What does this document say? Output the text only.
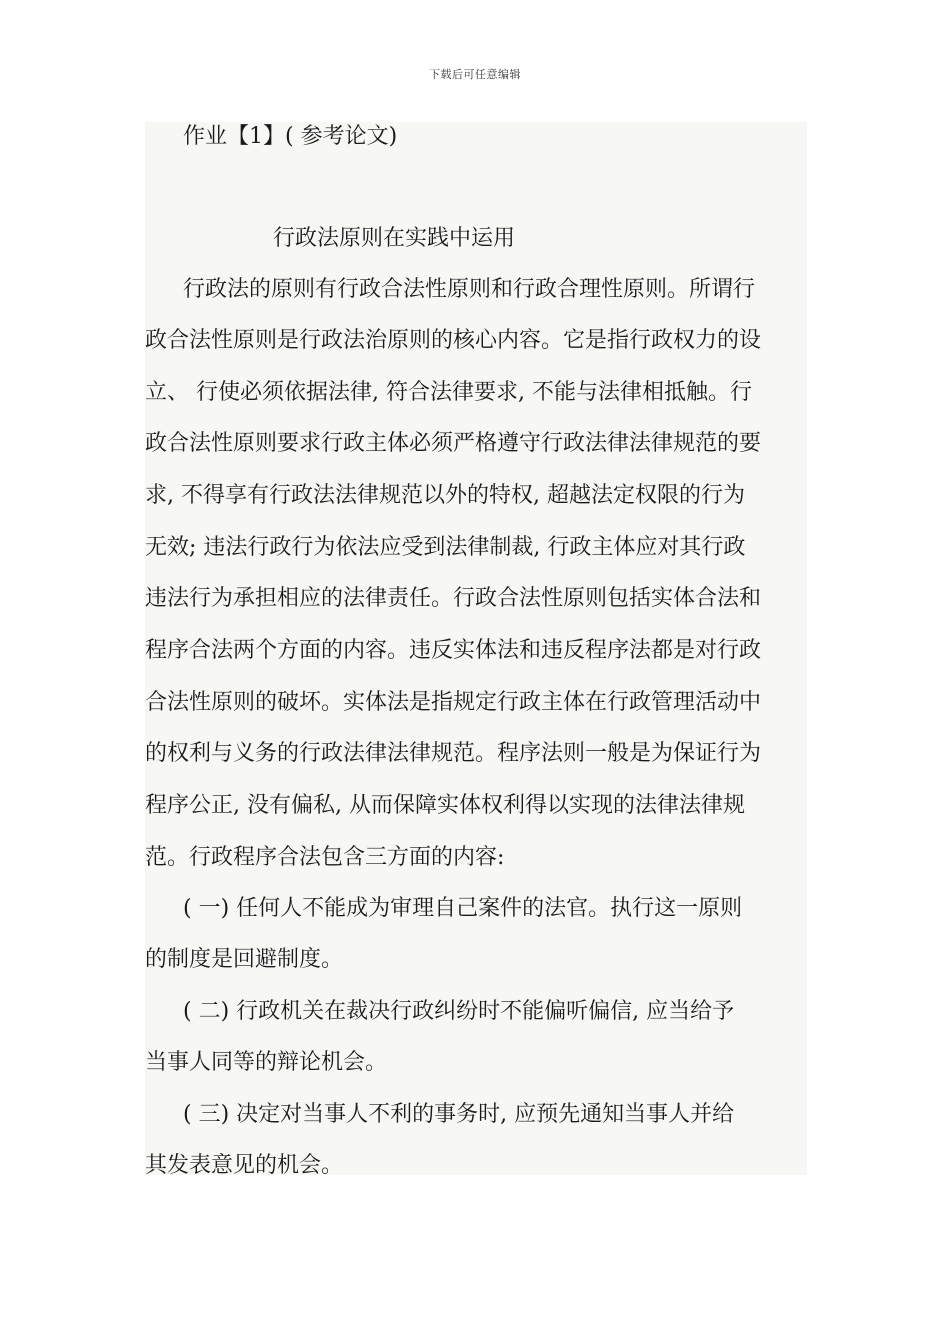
下载后可任意编辑
作业【1】( 参考论文)
行政法原则在实践中运用
行政法的原则有行政合法性原则和行政合理性原则。所谓行
政合法性原则是行政法治原则的核心内容。它是指行政权力的设
立、 行使必须依据法律, 符合法律要求, 不能与法律相抵触。行
政合法性原则要求行政主体必须严格遵守行政法律法律规范的要
求, 不得享有行政法法律规范以外的特权, 超越法定权限的行为
无效; 违法行政行为依法应受到法律制裁, 行政主体应对其行政
违法行为承担相应的法律责任。行政合法性原则包括实体合法和
程序合法两个方面的内容。违反实体法和违反程序法都是对行政
合法性原则的破坏。实体法是指规定行政主体在行政管理活动中
的权利与义务的行政法律法律规范。程序法则一般是为保证行为
程序公正, 没有偏私, 从而保障实体权利得以实现的法律法律规
范。行政程序合法包含三方面的内容:
( 一) 任何人不能成为审理自己案件的法官。执行这一原则
的制度是回避制度。
( 二) 行政机关在裁决行政纠纷时不能偏听偏信, 应当给予
当事人同等的辩论机会。
( 三) 决定对当事人不利的事务时, 应预先通知当事人并给
其发表意见的机会。
